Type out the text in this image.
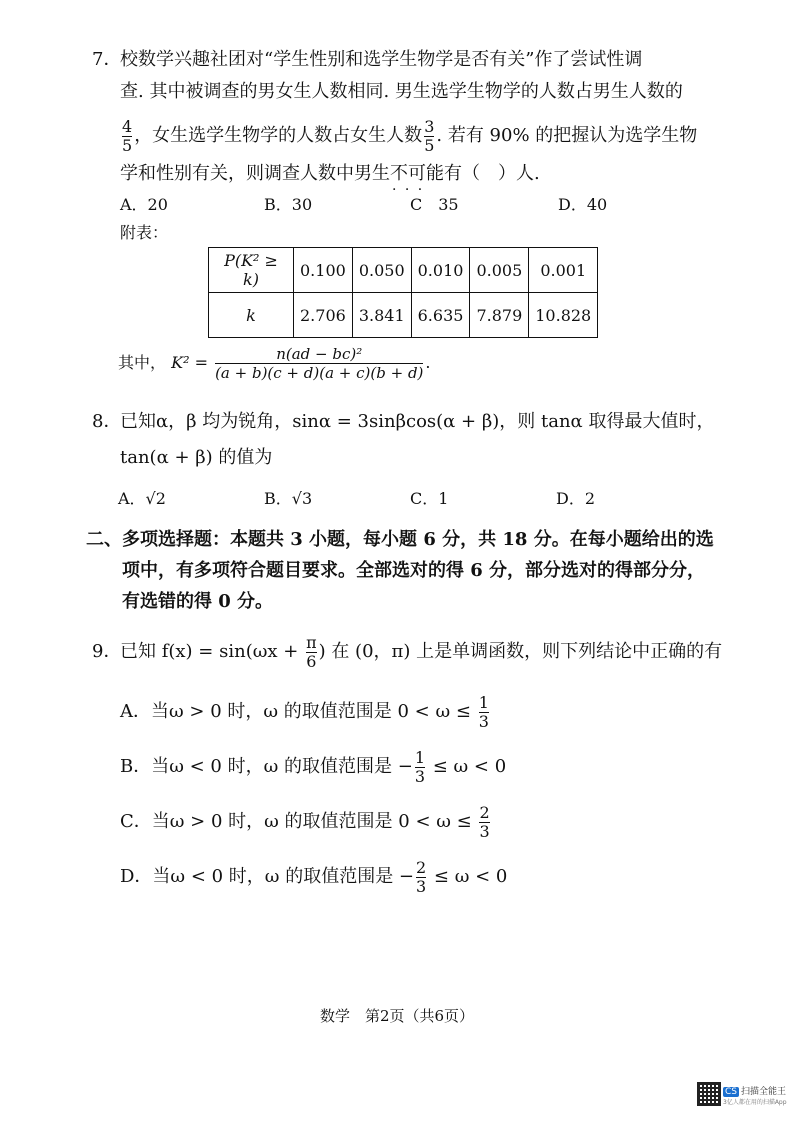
7．校数学兴趣社团对“学生性别和选学生物学是否有关”作了尝试性调
查. 其中被调查的男女生人数相同. 男生选学生物学的人数占男生人数的
$\frac{4}{5}$ ，女生选学生物学的人数占女生人数 $\frac{3}{5}$ . 若有 90% 的把握认为选学生物
学和性别有关，则调查人数中男生不可能 · · ·有（　）人.
A．20	B．30	C　35	D．40
附表：
P(K² ≥ k)	0.100	0.050	0.010	0.005	0.001
k	2.706	3.841	6.635	7.879	10.828
其中， $K^2 = \frac{\text{n(ad − bc)²}}{(a + b)(c + d)(a + c)(b + d)}$ .
8．已知α，β 均为锐角，sinα = 3sinβcos(α + β)，则 tanα 取得最大值时，
tan(α + β) 的值为
A．√2	B．√3	C．1	D．2
二、多项选择题：本题共 3 小题，每小题 6 分，共 18 分。在每小题给出的选
项中，有多项符合题目要求。全部选对的得 6 分，部分选对的得部分分，
有选错的得 0 分。
9．已知 $f(x) = \sin(\omega x + \frac{\pi}{6}$ ) 在 (0，π) 上是单调函数，则下列结论中正确的有
A．当ω > 0 时，ω 的取值范围是 $0 < \omega \le \frac{1}{3}$
B．当ω < 0 时，ω 的取值范围是 − $\frac{1}{3} \le \omega < 0$
C．当ω > 0 时，ω 的取值范围是 $0 < \omega \le \frac{2}{3}$
D．当ω < 0 时，ω 的取值范围是 − $\frac{2}{3} \le \omega < 0$
数学　第2页（共6页）
CS 扫描全能王
3亿人都在用的扫描App
